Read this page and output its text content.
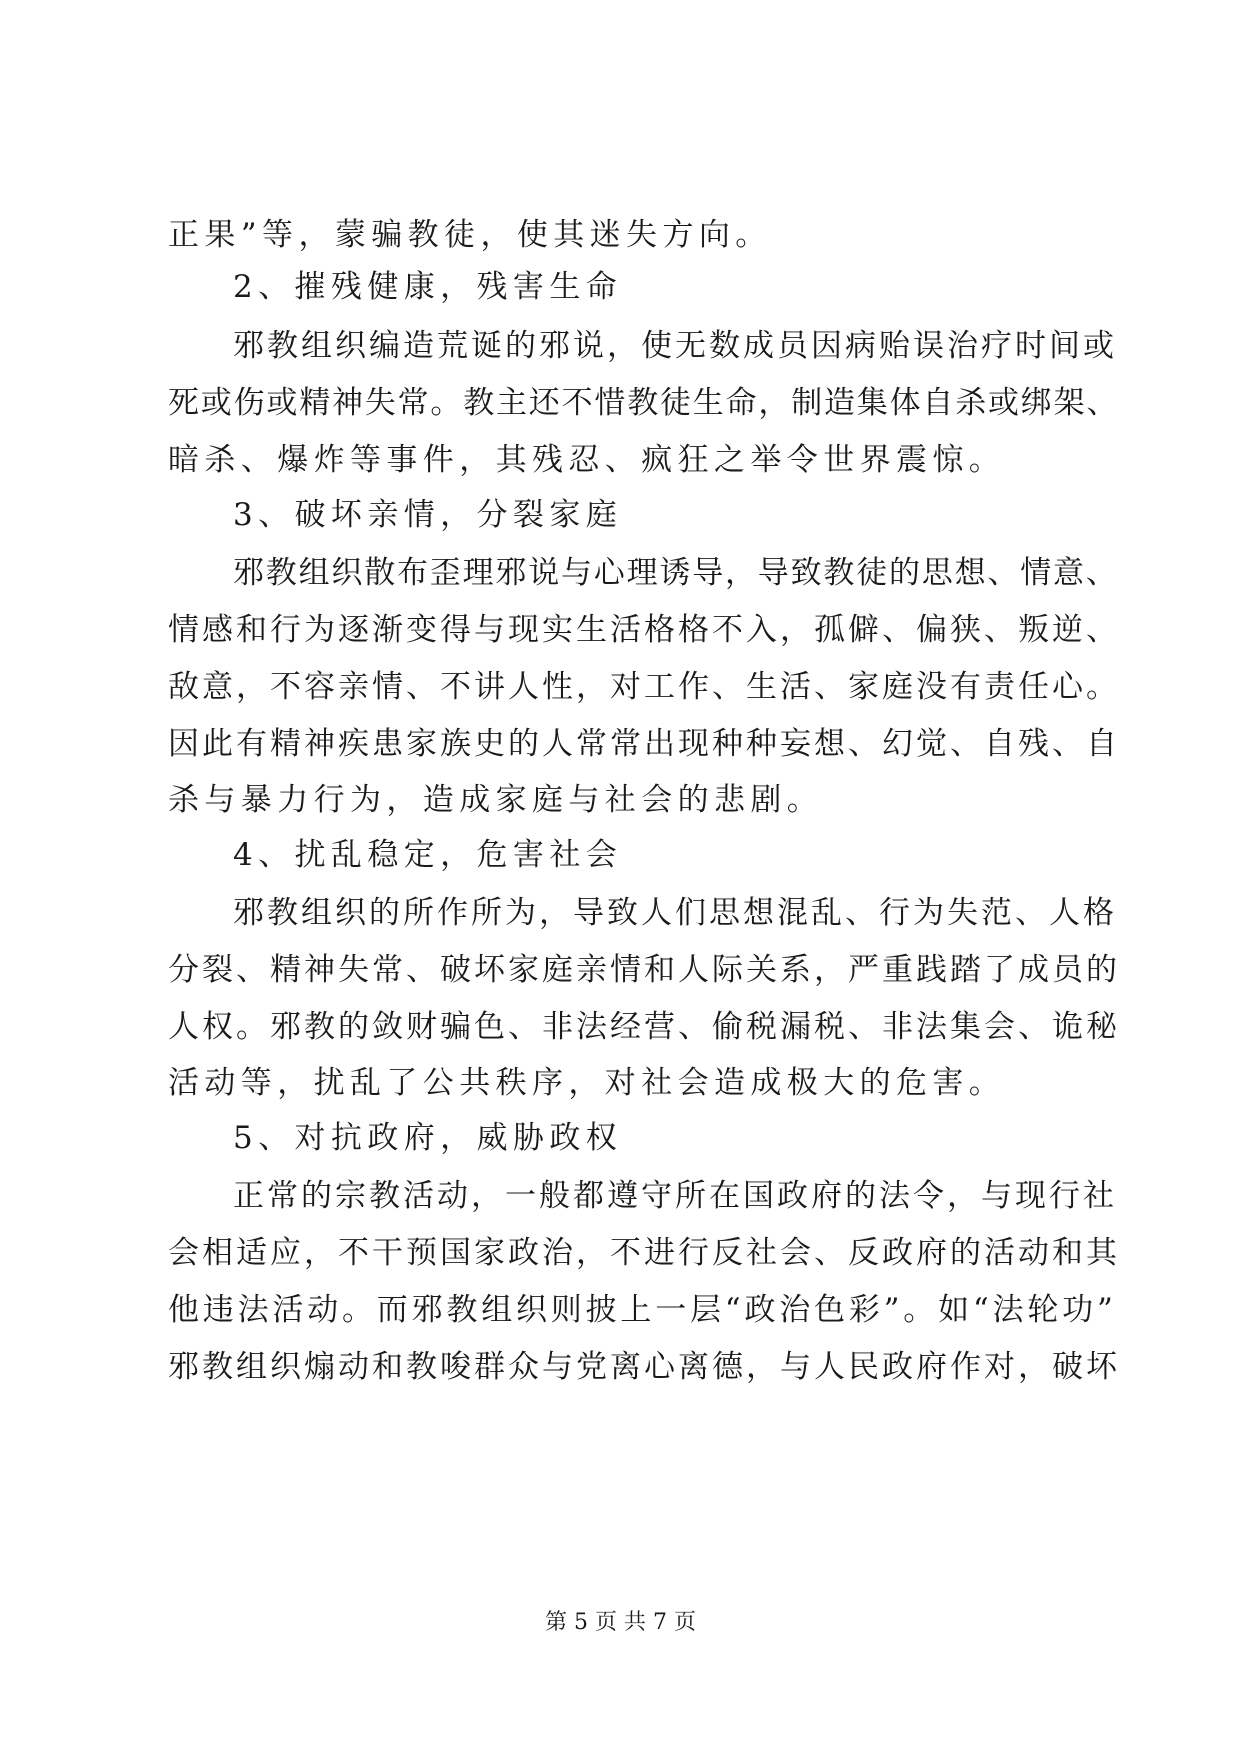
正果”等，蒙骗教徒，使其迷失方向。
2、摧残健康，残害生命
邪教组织编造荒诞的邪说，使无数成员因病贻误治疗时间或
死或伤或精神失常。教主还不惜教徒生命，制造集体自杀或绑架、
暗杀、爆炸等事件，其残忍、疯狂之举令世界震惊。
3、破坏亲情，分裂家庭
邪教组织散布歪理邪说与心理诱导，导致教徒的思想、情意、
情感和行为逐渐变得与现实生活格格不入，孤僻、偏狭、叛逆、
敌意，不容亲情、不讲人性，对工作、生活、家庭没有责任心。
因此有精神疾患家族史的人常常出现种种妄想、幻觉、自残、自
杀与暴力行为，造成家庭与社会的悲剧。
4、扰乱稳定，危害社会
邪教组织的所作所为，导致人们思想混乱、行为失范、人格
分裂、精神失常、破坏家庭亲情和人际关系，严重践踏了成员的
人权。邪教的敛财骗色、非法经营、偷税漏税、非法集会、诡秘
活动等，扰乱了公共秩序，对社会造成极大的危害。
5、对抗政府，威胁政权
正常的宗教活动，一般都遵守所在国政府的法令，与现行社
会相适应，不干预国家政治，不进行反社会、反政府的活动和其
他违法活动。而邪教组织则披上一层“政治色彩”。如“法轮功”
邪教组织煽动和教唆群众与党离心离德，与人民政府作对，破坏
第 5 页 共 7 页
